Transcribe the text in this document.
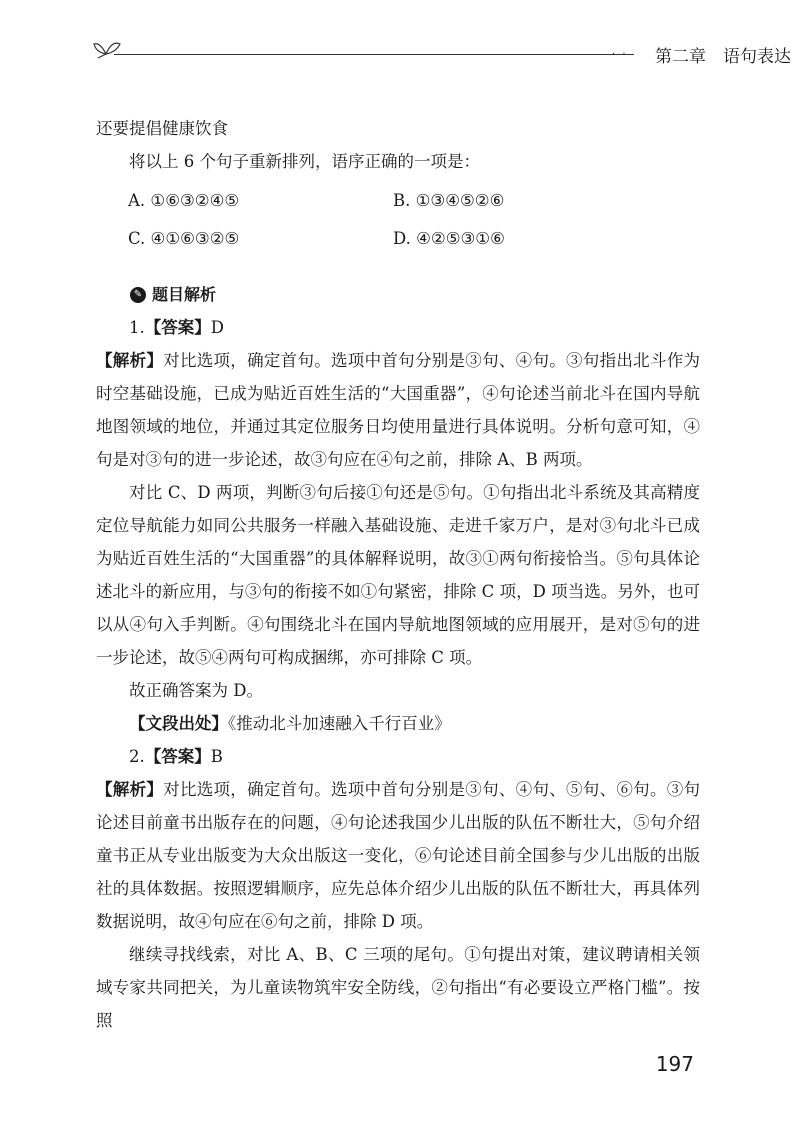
· · 第二章　语句表达

还要提倡健康饮食

将以上 6 个句子重新排列，语序正确的一项是：

A. ①⑥③②④⑤	B. ①③④⑤②⑥
C. ④①⑥③②⑤	D. ④②⑤③①⑥
✎ 题目解析

1.【答案】D

【解析】对比选项，确定首句。选项中首句分别是③句、④句。③句指出北斗作为时空基础设施，已成为贴近百姓生活的“大国重器”，④句论述当前北斗在国内导航地图领域的地位，并通过其定位服务日均使用量进行具体说明。分析句意可知，④句是对③句的进一步论述，故③句应在④句之前，排除 A、B 两项。

对比 C、D 两项，判断③句后接①句还是⑤句。①句指出北斗系统及其高精度定位导航能力如同公共服务一样融入基础设施、走进千家万户，是对③句北斗已成为贴近百姓生活的“大国重器”的具体解释说明，故③①两句衔接恰当。⑤句具体论述北斗的新应用，与③句的衔接不如①句紧密，排除 C 项，D 项当选。另外，也可以从④句入手判断。④句围绕北斗在国内导航地图领域的应用展开，是对⑤句的进一步论述，故⑤④两句可构成捆绑，亦可排除 C 项。

故正确答案为 D。

【文段出处】《推动北斗加速融入千行百业》

2.【答案】B

【解析】对比选项，确定首句。选项中首句分别是③句、④句、⑤句、⑥句。③句论述目前童书出版存在的问题，④句论述我国少儿出版的队伍不断壮大，⑤句介绍童书正从专业出版变为大众出版这一变化，⑥句论述目前全国参与少儿出版的出版社的具体数据。按照逻辑顺序，应先总体介绍少儿出版的队伍不断壮大，再具体列数据说明，故④句应在⑥句之前，排除 D 项。

继续寻找线索，对比 A、B、C 三项的尾句。①句提出对策，建议聘请相关领域专家共同把关，为儿童读物筑牢安全防线，②句指出“有必要设立严格门槛”。按照

197
